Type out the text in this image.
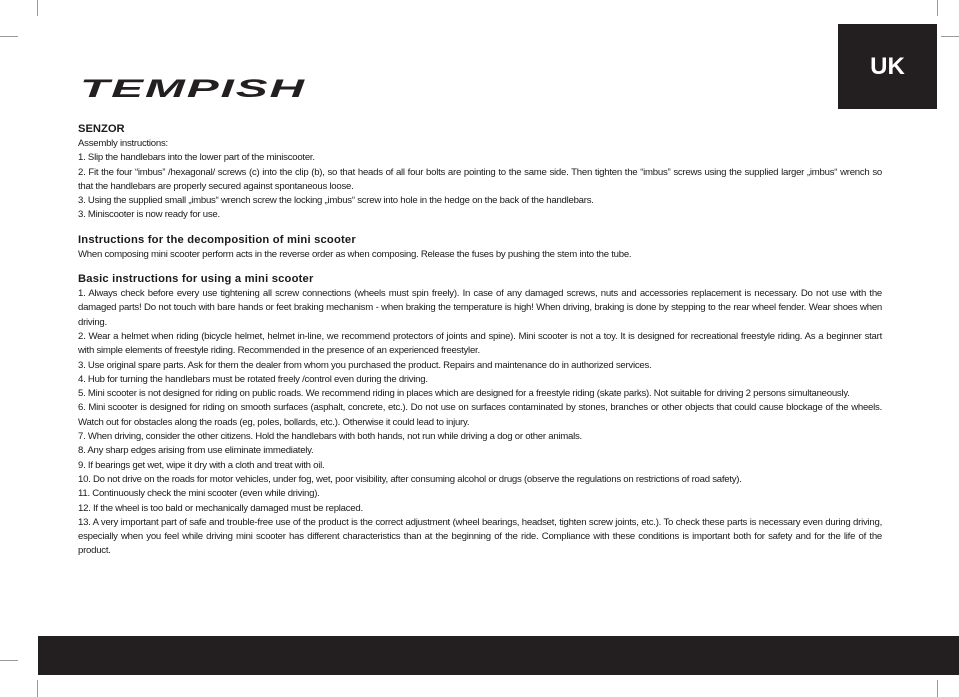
TEMPISH
UK

SENZOR

Assembly instructions:

1. Slip the handlebars into the lower part of the miniscooter.

2. Fit the four “imbus” /hexagonal/ screws (c) into the clip (b), so that heads of all four bolts are pointing to the same side. Then tighten the “imbus” screws using the supplied larger „imbus“ wrench so that the handlebars are properly secured against spontaneous loose.

3. Using the supplied small „imbus“ wrench screw the locking „imbus“ screw into hole in the hedge on the back of the handlebars.

3. Miniscooter is now ready for use.

Instructions for the decomposition of mini scooter

When composing mini scooter perform acts in the reverse order as when composing. Release the fuses by pushing the stem into the tube.

Basic instructions for using a mini scooter

1. Always check before every use tightening all screw connections (wheels must spin freely). In case of any damaged screws, nuts and accessories replacement is necessary. Do not use with the damaged parts! Do not touch with bare hands or feet braking mechanism - when braking the temperature is high! When driving, braking is done by stepping to the rear wheel fender. Wear shoes when driving.

2. Wear a helmet when riding (bicycle helmet, helmet in-line, we recommend protectors of joints and spine). Mini scooter is not a toy. It is designed for recreational freestyle riding. As a beginner start with simple elements of freestyle riding. Recommended in the presence of an experienced freestyler.

3. Use original spare parts. Ask for them the dealer from whom you purchased the product. Repairs and maintenance do in authorized services.

4. Hub for turning the handlebars must be rotated freely /control even during the driving.

5. Mini scooter is not designed for riding on public roads. We recommend riding in places which are designed for a freestyle riding (skate parks). Not suitable for driving 2 persons simultaneously.

6. Mini scooter is designed for riding on smooth surfaces (asphalt, concrete, etc.). Do not use on surfaces contaminated by stones, branches or other objects that could cause blockage of the wheels. Watch out for obstacles along the roads (eg, poles, bollards, etc.). Otherwise it could lead to injury.

7. When driving, consider the other citizens. Hold the handlebars with both hands, not run while driving a dog or other animals.

8. Any sharp edges arising from use eliminate immediately.

9. If bearings get wet, wipe it dry with a cloth and treat with oil.

10. Do not drive on the roads for motor vehicles, under fog, wet, poor visibility, after consuming alcohol or drugs (observe the regulations on restrictions of road safety).

11. Continuously check the mini scooter (even while driving).

12. If the wheel is too bald or mechanically damaged must be replaced.

13. A very important part of safe and trouble-free use of the product is the correct adjustment (wheel bearings, headset, tighten screw joints, etc.). To check these parts is necessary even during driving, especially when you feel while driving mini scooter has different characteristics than at the beginning of the ride. Compliance with these conditions is important both for safety and for the life of the product.
